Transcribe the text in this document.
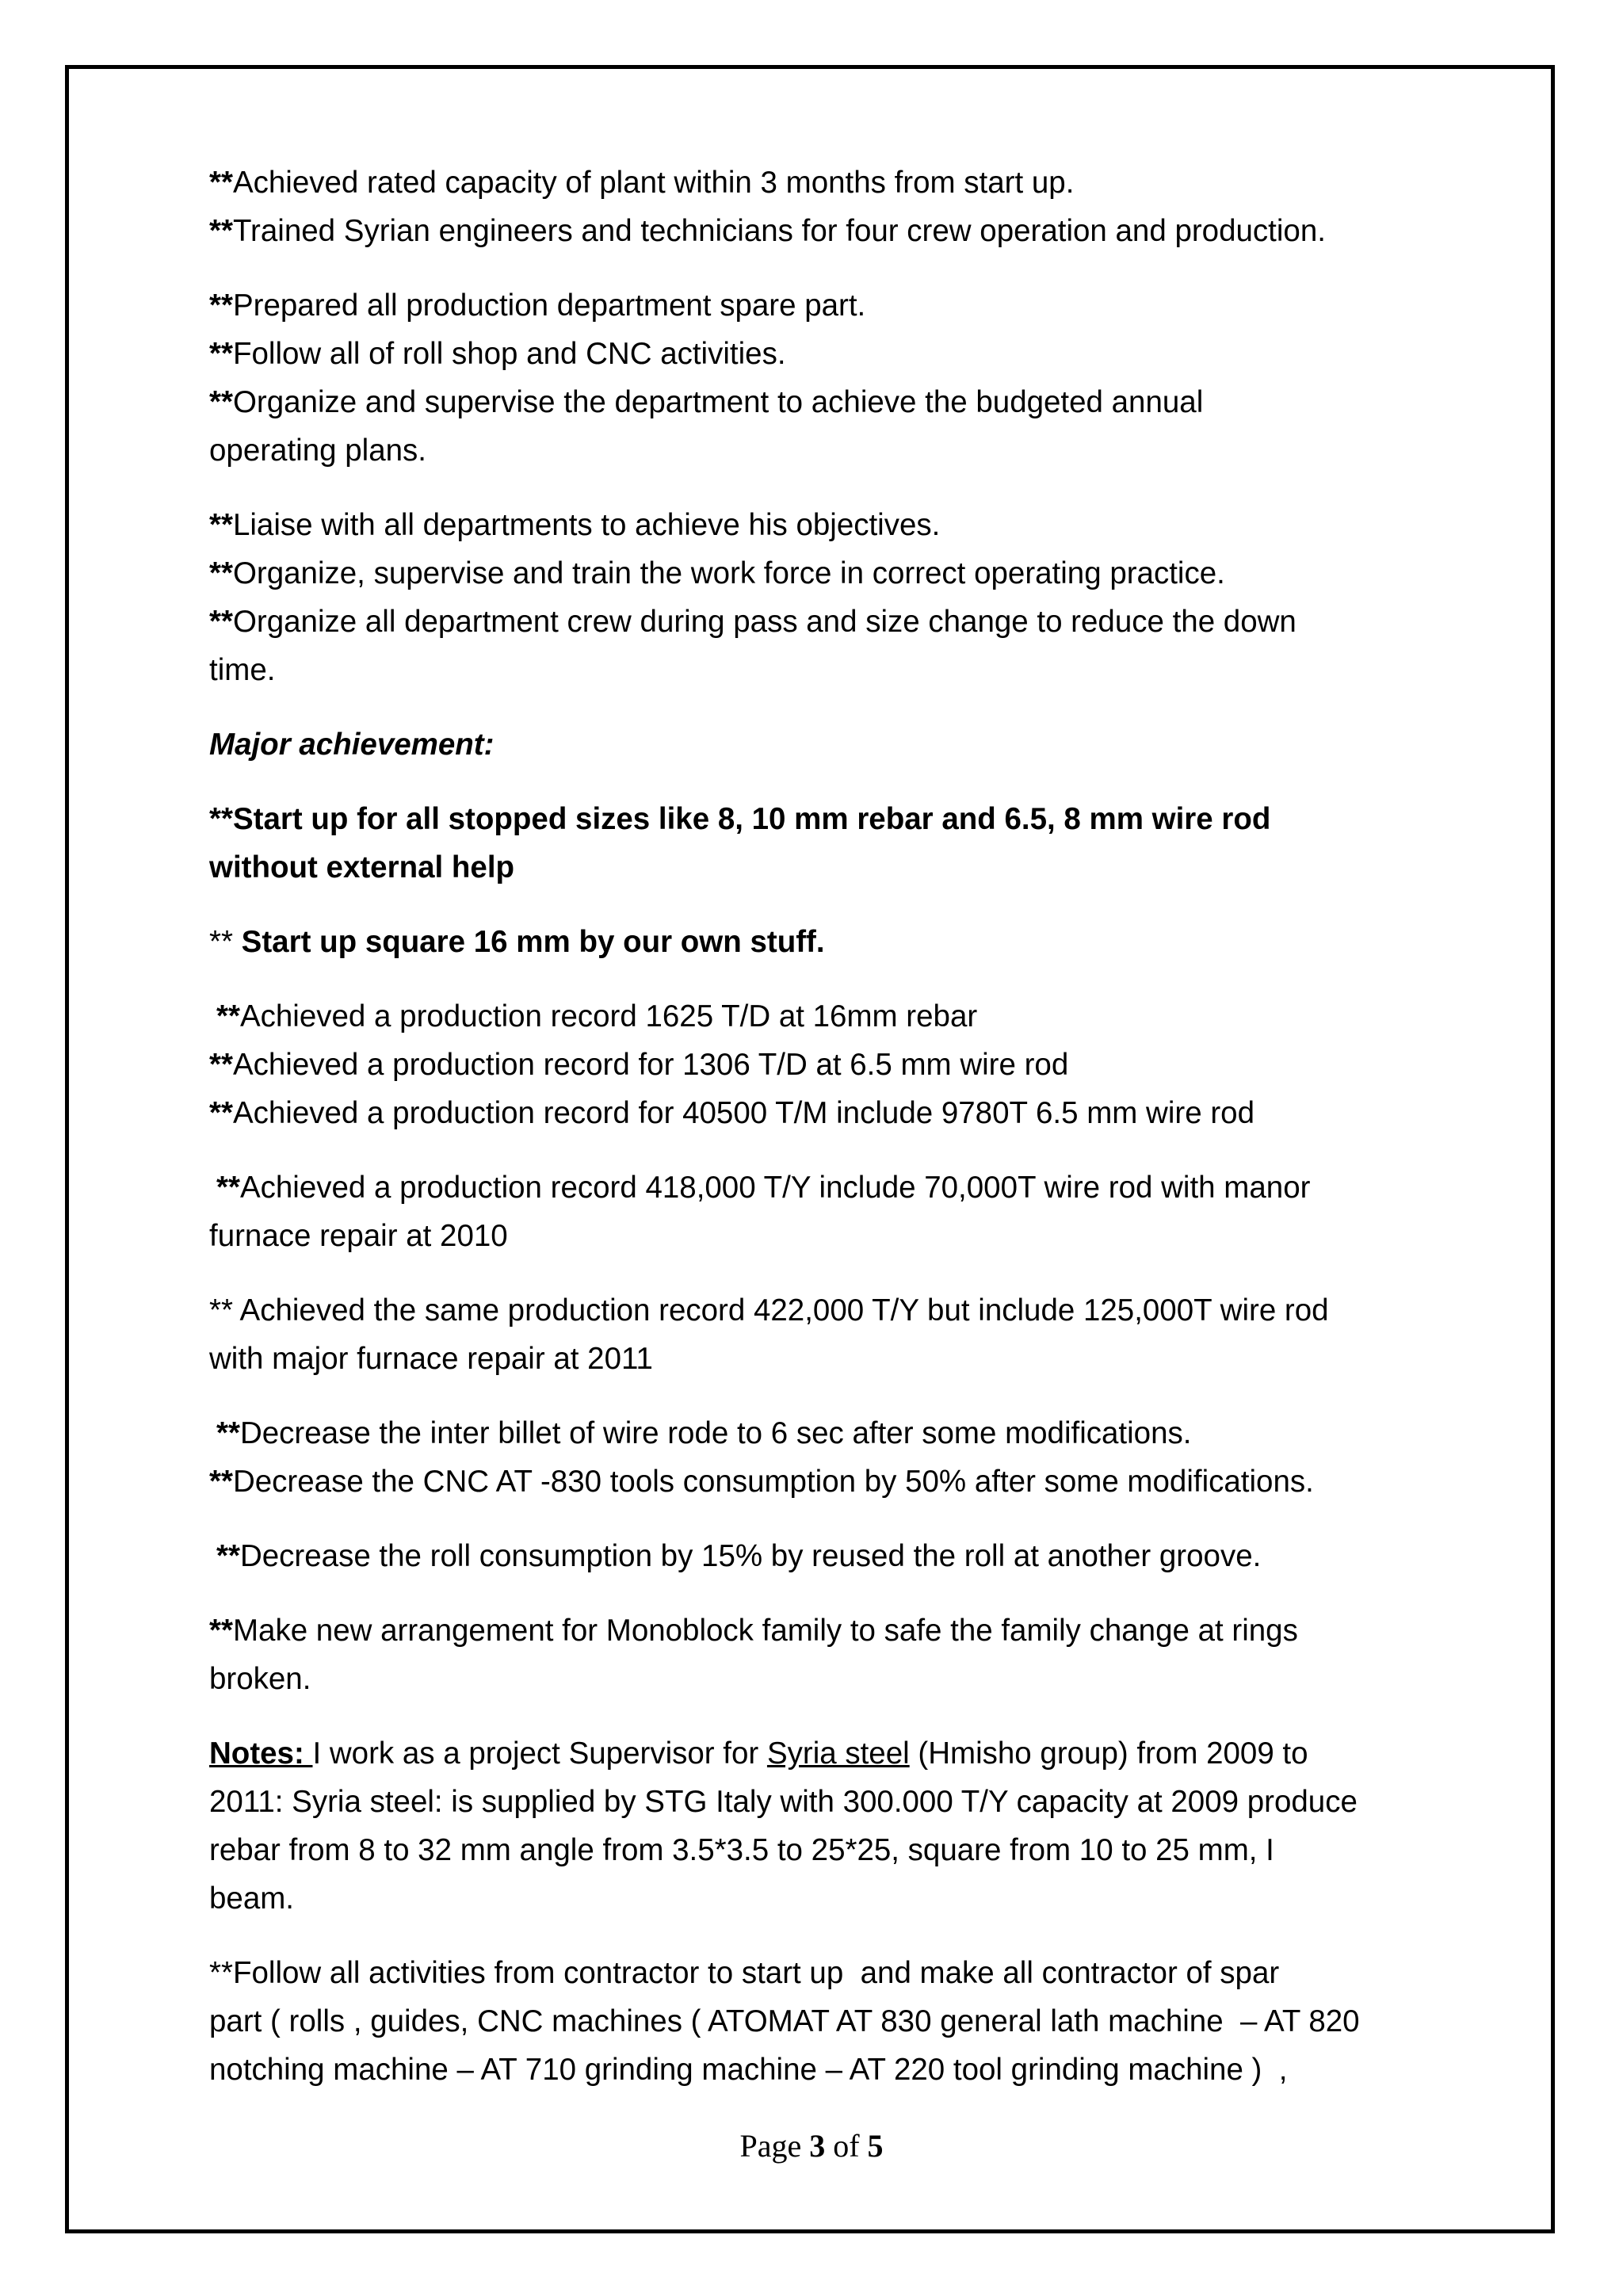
**Achieved rated capacity of plant within 3 months from start up.
**Trained Syrian engineers and technicians for four crew operation and production.
**Prepared all production department spare part.
**Follow all of roll shop and CNC activities.
**Organize and supervise the department to achieve the budgeted annual
operating plans.
**Liaise with all departments to achieve his objectives.
**Organize, supervise and train the work force in correct operating practice.
**Organize all department crew during pass and size change to reduce the down
time.
Major achievement:
**Start up for all stopped sizes like 8, 10 mm rebar and 6.5, 8 mm wire rod
without external help
** Start up square 16 mm by our own stuff.
**Achieved a production record 1625 T/D at 16mm rebar
**Achieved a production record for 1306 T/D at 6.5 mm wire rod
**Achieved a production record for 40500 T/M include 9780T 6.5 mm wire rod
**Achieved a production record 418,000 T/Y include 70,000T wire rod with manor
furnace repair at 2010
** Achieved the same production record 422,000 T/Y but include 125,000T wire rod
with major furnace repair at 2011
**Decrease the inter billet of wire rode to 6 sec after some modifications.
**Decrease the CNC AT -830 tools consumption by 50% after some modifications.
**Decrease the roll consumption by 15% by reused the roll at another groove.
**Make new arrangement for Monoblock family to safe the family change at rings
broken.
Notes: I work as a project Supervisor for Syria steel (Hmisho group) from 2009 to
2011: Syria steel: is supplied by STG Italy with 300.000 T/Y capacity at 2009 produce
rebar from 8 to 32 mm angle from 3.5*3.5 to 25*25, square from 10 to 25 mm, I
beam.
**Follow all activities from contractor to start up  and make all contractor of spar
part ( rolls , guides, CNC machines ( ATOMAT AT 830 general lath machine  – AT 820
notching machine – AT 710 grinding machine – AT 220 tool grinding machine )  ,
Page 3 of 5
